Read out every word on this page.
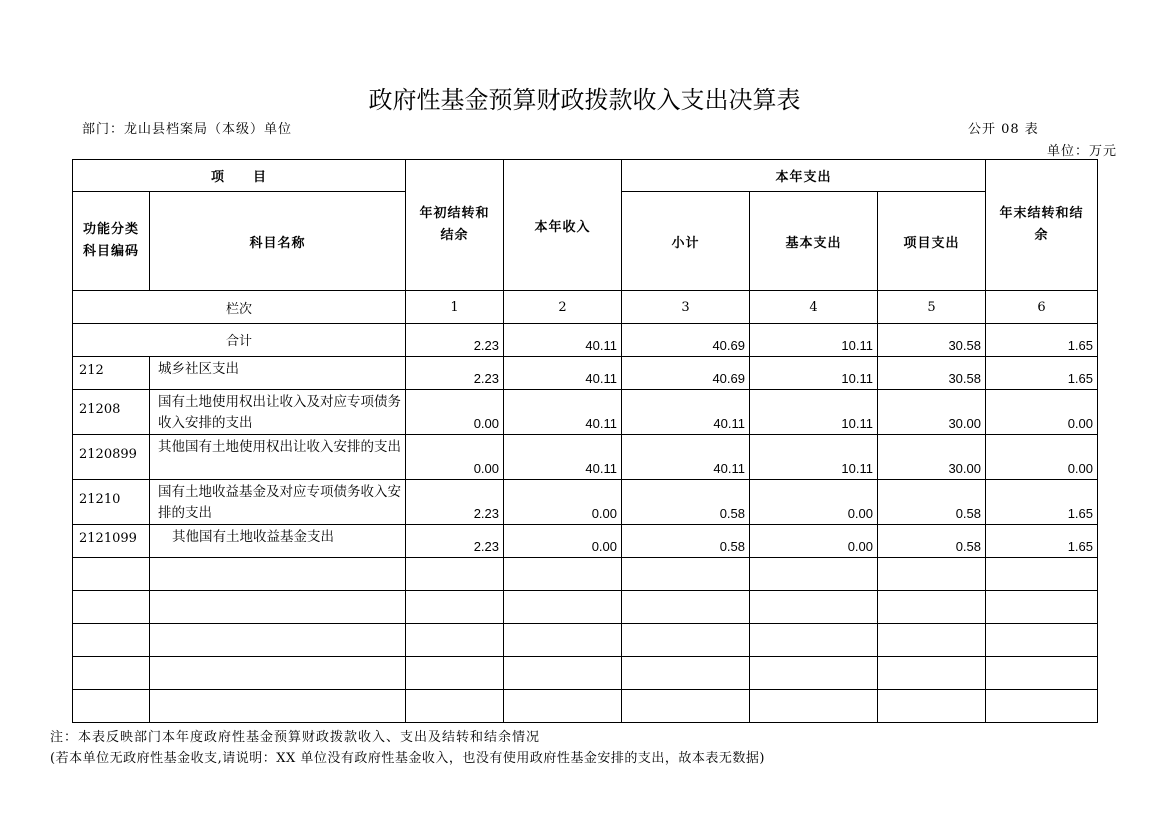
政府性基金预算财政拨款收入支出决算表
部门：龙山县档案局（本级）单位	公开 08 表
单位：万元
项　　目		年初结转和结余	本年收入	本年支出			年末结转和结余
功能分类科目编码	科目名称			小计	基本支出	项目支出	
栏次		1	2	3	4	5	6
合计		2.23	40.11	40.69	10.11	30.58	1.65
212	城乡社区支出	2.23	40.11	40.69	10.11	30.58	1.65
21208	国有土地使用权出让收入及对应专项债务收入安排的支出	0.00	40.11	40.11	10.11	30.00	0.00
2120899	其他国有土地使用权出让收入安排的支出	0.00	40.11	40.11	10.11	30.00	0.00
21210	国有土地收益基金及对应专项债务收入安排的支出	2.23	0.00	0.58	0.00	0.58	1.65
2121099	其他国有土地收益基金支出	2.23	0.00	0.58	0.00	0.58	1.65

注：本表反映部门本年度政府性基金预算财政拨款收入、支出及结转和结余情况
(若本单位无政府性基金收支,请说明：XX 单位没有政府性基金收入，也没有使用政府性基金安排的支出，故本表无数据)
